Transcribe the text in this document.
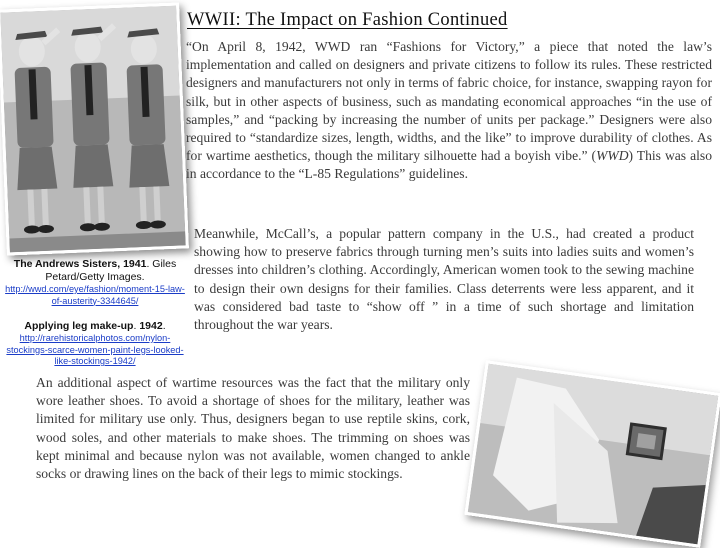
WWII: The Impact on Fashion Continued

The Andrews Sisters, 1941. Giles Petard/Getty Images.
http://wwd.com/eye/fashion/moment-15-law-of-austerity-3344645/

Applying leg make-up. 1942.
http://rarehistoricalphotos.com/nylon-stockings-scarce-women-paint-legs-looked-like-stockings-1942/

“On April 8, 1942, WWD ran “Fashions for Victory,” a piece that noted the law’s implementation and called on designers and private citizens to follow its rules. These restricted designers and manufacturers not only in terms of fabric choice, for instance, swapping rayon for silk, but in other aspects of business, such as mandating economical approaches “in the use of samples,” and “packing by increasing the number of units per package.” Designers were also required to “standardize sizes, length, widths, and the like” to improve durability of clothes. As for wartime aesthetics, though the military silhouette had a boyish vibe.” (WWD) This was also in accordance to the “L-85 Regulations” guidelines.

Meanwhile, McCall’s, a popular pattern company in the U.S., had created a product showing how to preserve fabrics through turning men’s suits into ladies suits and women’s dresses into children’s clothing. Accordingly, American women took to the sewing machine to design their own designs for their families. Class deterrents were less apparent, and it was considered bad taste to “show off ” in a time of such shortage and limitation throughout the war years.

An additional aspect of wartime resources was the fact that the military only wore leather shoes. To avoid a shortage of shoes for the military, leather was limited for military use only. Thus, designers began to use reptile skins, cork, wood soles, and other materials to make shoes. The trimming on shoes was kept minimal and because nylon was not available, women changed to ankle socks or drawing lines on the back of their legs to mimic stockings.
